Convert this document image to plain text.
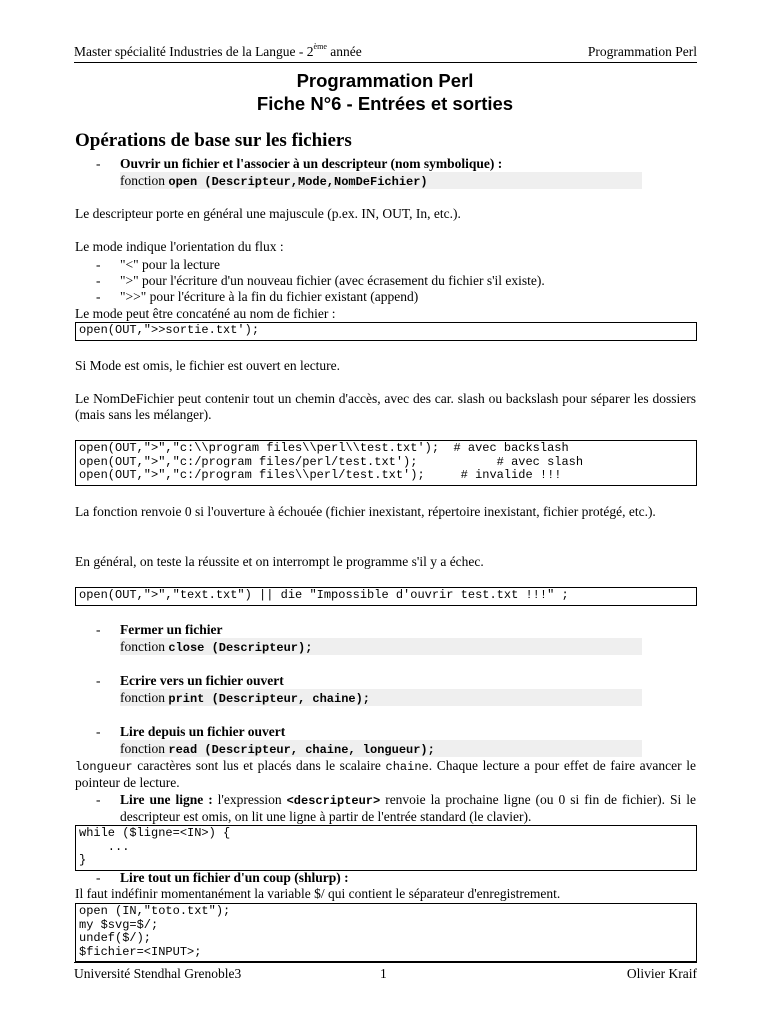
Master spécialité Industries de la Langue - 2ème année	Programmation Perl
Programmation Perl
Fiche N°6 - Entrées et sorties
Opérations de base sur les fichiers
- Ouvrir un fichier et l'associer à un descripteur (nom symbolique) :
fonction open (Descripteur,Mode,NomDeFichier)
Le descripteur porte en général une majuscule (p.ex. IN, OUT, In, etc.).
Le mode indique l'orientation du flux :
- "<" pour la lecture
- ">" pour l'écriture d'un nouveau fichier (avec écrasement du fichier s'il existe).
- ">>" pour l'écriture à la fin du fichier existant (append)
Le mode peut être concaténé au nom de fichier :
open(OUT,">>sortie.txt');
Si Mode est omis, le fichier est ouvert en lecture.
Le NomDeFichier peut contenir tout un chemin d'accès, avec des car. slash ou backslash pour séparer les dossiers (mais sans les mélanger).
open(OUT,">","c:\\program files\\perl\\test.txt');  # avec backslash
open(OUT,">","c:/program files/perl/test.txt');           # avec slash
open(OUT,">","c:/program files\\perl/test.txt');     # invalide !!!
La fonction renvoie 0 si l'ouverture à échouée (fichier inexistant, répertoire inexistant, fichier protégé, etc.).
En général, on teste la réussite et on interrompt le programme s'il y a échec.
open(OUT,">","text.txt") || die "Impossible d'ouvrir test.txt !!!" ;
- Fermer un fichier
fonction close (Descripteur);
- Ecrire vers un fichier ouvert
fonction print (Descripteur, chaine);
- Lire depuis un fichier ouvert
fonction read (Descripteur, chaine, longueur);
longueur caractères sont lus et placés dans le scalaire chaine. Chaque lecture a pour effet de faire avancer le pointeur de lecture.
- Lire une ligne : l'expression <descripteur> renvoie la prochaine ligne (ou 0 si fin de fichier). Si le descripteur est omis, on lit une ligne à partir de l'entrée standard (le clavier).
while ($ligne=<IN>) {
...
}
- Lire tout un fichier d'un coup (shlurp) :
Il faut indéfinir momentanément la variable $/ qui contient le séparateur d'enregistrement.
open (IN,"toto.txt");
my $svg=$/;
undef($/);
$fichier=<INPUT>;
Université Stendhal Grenoble3	1	Olivier Kraif
